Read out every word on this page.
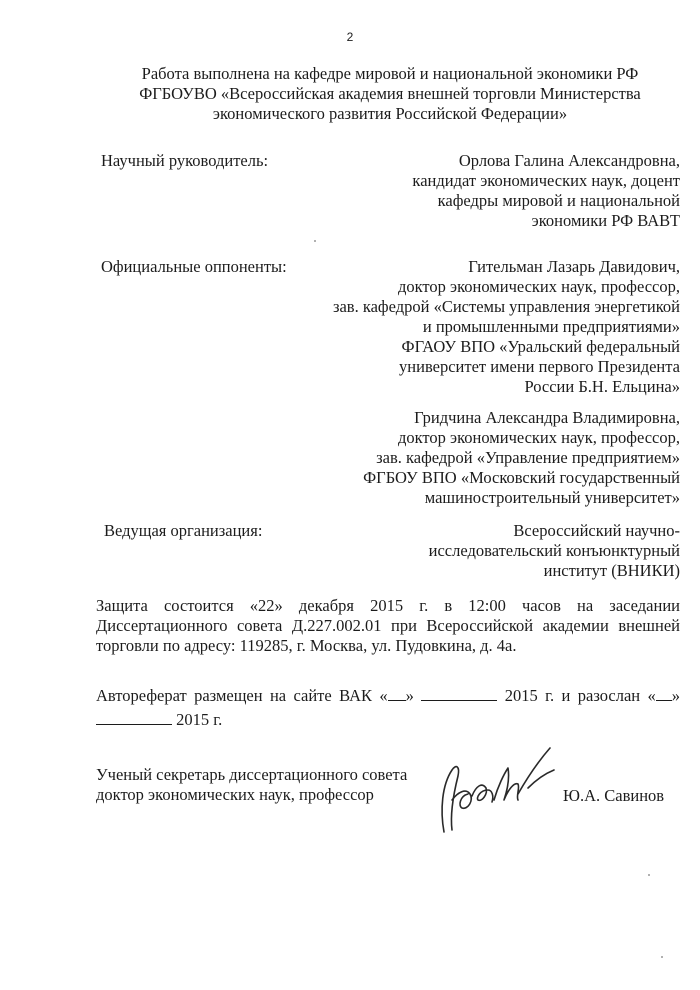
2
Работа выполнена на кафедре мировой и национальной экономики РФ
ФГБОУВО «Всероссийская академия внешней торговли Министерства
экономического развития Российской Федерации»
Научный руководитель:	Орлова Галина Александровна,
кандидат экономических наук, доцент
кафедры мировой и национальной
экономики РФ ВАВТ
Официальные оппоненты:	Гительман Лазарь Давидович,
доктор экономических наук, профессор,
зав. кафедрой «Системы управления энергетикой
и промышленными предприятиями»
ФГАОУ ВПО «Уральский федеральный
университет имени первого Президента
России Б.Н. Ельцина»
Гридчина Александра Владимировна,
доктор экономических наук, профессор,
зав. кафедрой «Управление предприятием»
ФГБОУ ВПО «Московский государственный
машиностроительный университет»
Ведущая организация:	Всероссийский научно-
исследовательский конъюнктурный
институт (ВНИКИ)
Защита состоится «22» декабря 2015 г. в 12:00 часов на заседании
Диссертационного совета Д.227.002.01 при Всероссийской академии внешней
торговли по адресу: 119285, г. Москва, ул. Пудовкина, д. 4а.
Автореферат размещен на сайте ВАК « »	2015 г. и разослан « »
2015 г.
Ученый секретарь диссертационного совета
доктор экономических наук, профессор	Ю.А. Савинов
